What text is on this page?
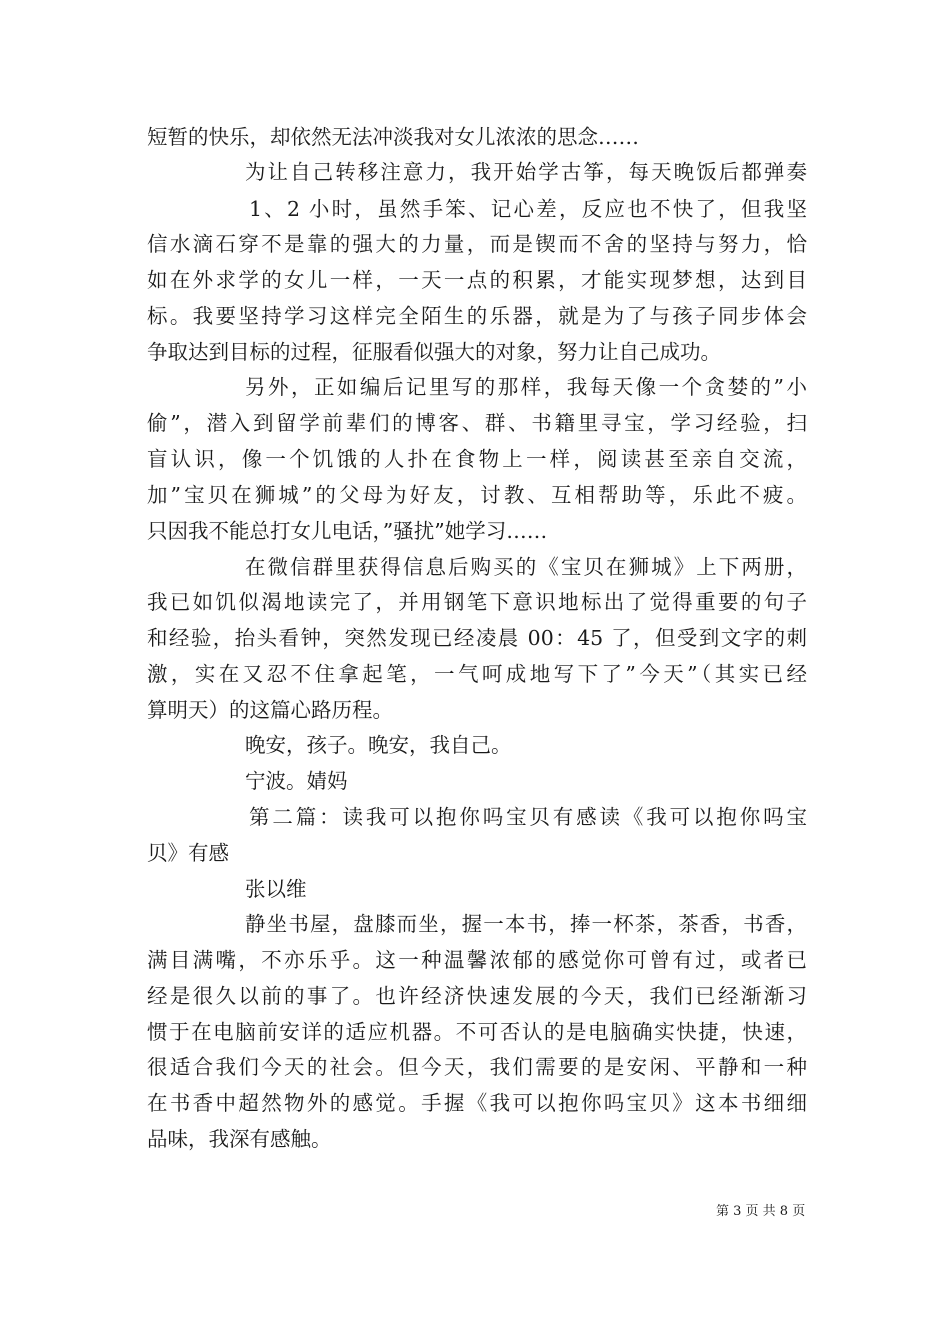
短暂的快乐，却依然无法冲淡我对女儿浓浓的思念……
为让自己转移注意力，我开始学古筝，每天晚饭后都弹奏
1、2 小时，虽然手笨、记心差，反应也不快了，但我坚
信水滴石穿不是靠的强大的力量，而是锲而不舍的坚持与努力，恰
如在外求学的女儿一样，一天一点的积累，才能实现梦想，达到目
标。我要坚持学习这样完全陌生的乐器，就是为了与孩子同步体会
争取达到目标的过程，征服看似强大的对象，努力让自己成功。
另外，正如编后记里写的那样，我每天像一个贪婪的”小
偷”，潜入到留学前辈们的博客、群、书籍里寻宝，学习经验，扫
盲认识，像一个饥饿的人扑在食物上一样，阅读甚至亲自交流，
加”宝贝在狮城”的父母为好友，讨教、互相帮助等，乐此不疲。
只因我不能总打女儿电话，”骚扰”她学习……
在微信群里获得信息后购买的《宝贝在狮城》上下两册，
我已如饥似渴地读完了，并用钢笔下意识地标出了觉得重要的句子
和经验，抬头看钟，突然发现已经凌晨 00：45 了，但受到文字的刺
激，实在又忍不住拿起笔，一气呵成地写下了”今天”（其实已经
算明天）的这篇心路历程。
晚安，孩子。晚安，我自己。
宁波。婧妈
第二篇：读我可以抱你吗宝贝有感读《我可以抱你吗宝
贝》有感
张以维
静坐书屋，盘膝而坐，握一本书，捧一杯茶，茶香，书香，
满目满嘴，不亦乐乎。这一种温馨浓郁的感觉你可曾有过，或者已
经是很久以前的事了。也许经济快速发展的今天，我们已经渐渐习
惯于在电脑前安详的适应机器。不可否认的是电脑确实快捷，快速，
很适合我们今天的社会。但今天，我们需要的是安闲、平静和一种
在书香中超然物外的感觉。手握《我可以抱你吗宝贝》这本书细细
品味，我深有感触。
第 3 页 共 8 页
